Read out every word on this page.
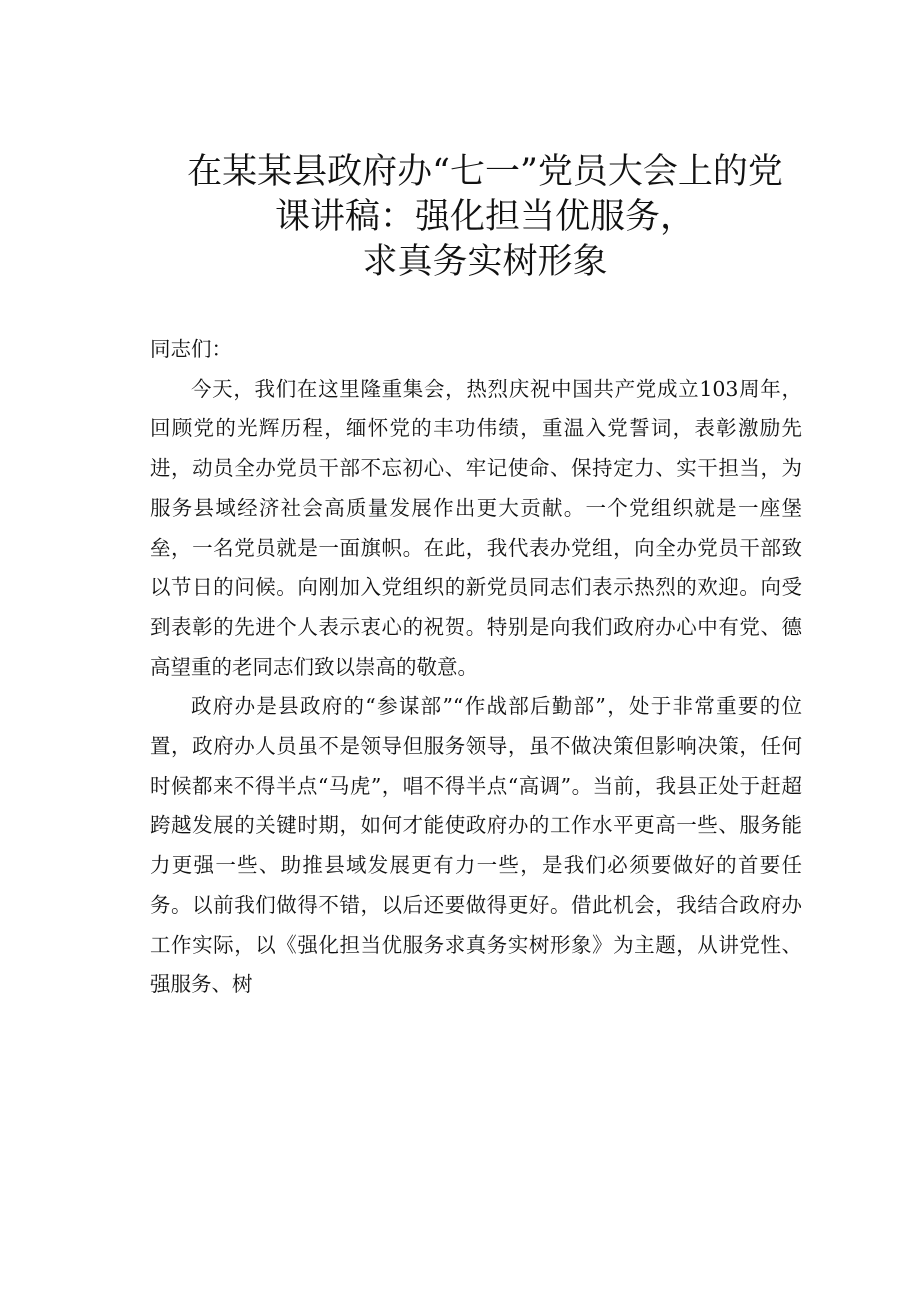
在某某县政府办“七一”党员大会上的党
课讲稿：强化担当优服务，
求真务实树形象

同志们：

今天，我们在这里隆重集会，热烈庆祝中国共产党成立103周年，回顾党的光辉历程，缅怀党的丰功伟绩，重温入党誓词，表彰激励先进，动员全办党员干部不忘初心、牢记使命、保持定力、实干担当，为服务县域经济社会高质量发展作出更大贡献。一个党组织就是一座堡垒，一名党员就是一面旗帜。在此，我代表办党组，向全办党员干部致以节日的问候。向刚加入党组织的新党员同志们表示热烈的欢迎。向受到表彰的先进个人表示衷心的祝贺。特别是向我们政府办心中有党、德高望重的老同志们致以崇高的敬意。

政府办是县政府的“参谋部”“作战部后勤部”，处于非常重要的位置，政府办人员虽不是领导但服务领导，虽不做决策但影响决策，任何时候都来不得半点“马虎”，唱不得半点“高调”。当前，我县正处于赶超跨越发展的关键时期，如何才能使政府办的工作水平更高一些、服务能力更强一些、助推县域发展更有力一些，是我们必须要做好的首要任务。以前我们做得不错，以后还要做得更好。借此机会，我结合政府办工作实际，以《强化担当优服务求真务实树形象》为主题，从讲党性、强服务、树
